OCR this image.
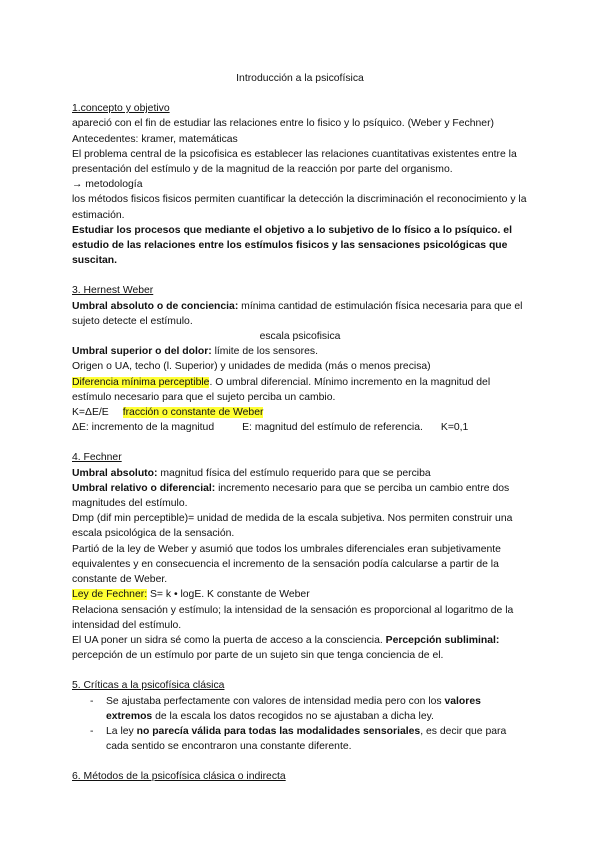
Introducción a la psicofísica
1.concepto y objetivo
apareció con el fin de estudiar las relaciones entre lo fisico y lo psíquico. (Weber y Fechner)
Antecedentes: kramer, matemáticas
El problema central de la psicofisica es establecer las relaciones cuantitativas existentes entre la presentación del estímulo y de la magnitud de la reacción por parte del organismo.
→ metodología
los métodos fisicos fisicos permiten cuantificar la detección la discriminación el reconocimiento y la estimación.
Estudiar los procesos que mediante el objetivo a lo subjetivo de lo físico a lo psíquico. el estudio de las relaciones entre los estímulos fisicos y las sensaciones psicológicas que suscitan.
3. Hernest Weber
Umbral absoluto o de conciencia: mínima cantidad de estimulación física necesaria para que el sujeto detecte el estímulo.
escala psicofisica
Umbral superior o del dolor: límite de los sensores.
Origen o UA, techo (l. Superior) y unidades de medida (más o menos precisa)
Diferencia mínima perceptible. O umbral diferencial. Mínimo incremento en la magnitud del estímulo necesario para que el sujeto perciba un cambio.
K=ΔE/E fracción o constante de Weber
ΔE: incremento de la magnitud	E: magnitud del estímulo de referencia. K=0,1
4. Fechner
Umbral absoluto: magnitud física del estímulo requerido para que se perciba
Umbral relativo o diferencial: incremento necesario para que se perciba un cambio entre dos magnitudes del estímulo.
Dmp (dif min perceptible)= unidad de medida de la escala subjetiva. Nos permiten construir una escala psicológica de la sensación.
Partió de la ley de Weber y asumió que todos los umbrales diferenciales eran subjetivamente equivalentes y en consecuencia el incremento de la sensación podía calcularse a partir de la constante de Weber.
Ley de Fechner: S= k • logE. K constante de Weber
Relaciona sensación y estímulo; la intensidad de la sensación es proporcional al logaritmo de la intensidad del estímulo.
El UA poner un sidra sé como la puerta de acceso a la consciencia. Percepción subliminal: percepción de un estímulo por parte de un sujeto sin que tenga conciencia de el.
5. Críticas a la psicofísica clásica
- Se ajustaba perfectamente con valores de intensidad media pero con los valores extremos de la escala los datos recogidos no se ajustaban a dicha ley.
- La ley no parecía válida para todas las modalidades sensoriales, es decir que para cada sentido se encontraron una constante diferente.
6. Métodos de la psicofísica clásica o indirecta
